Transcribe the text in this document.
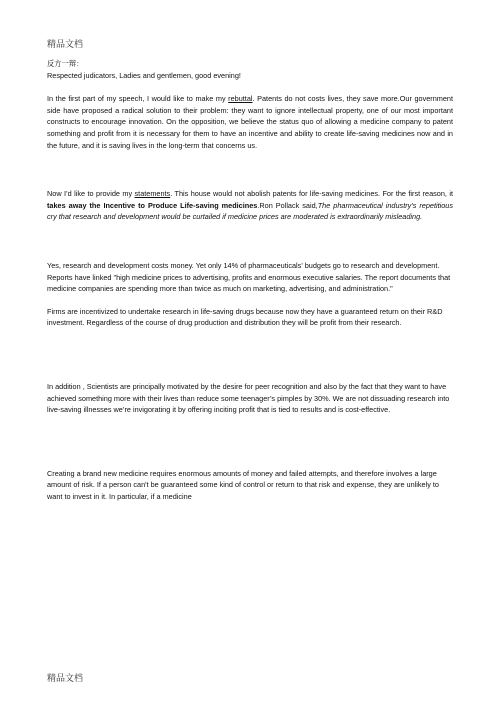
精品文档

反方一辩：

Respected judicators, Ladies and gentlemen, good evening!

In the first part of my speech, I would like to make my rebuttal. Patents do not costs lives, they save more.Our government side have proposed a radical solution to their problem: they want to ignore intellectual property, one of our most important constructs to encourage innovation. On the opposition, we believe the status quo of allowing a medicine company to patent something and profit from it is necessary for them to have an incentive and ability to create life-saving medicines now and in the future, and it is saving lives in the long-term that concerns us.

Now I’d like to provide my statements. This house would not abolish patents for life-saving medicines. For the first reason, it takes away the Incentive to Produce Life-saving medicines.Ron Pollack said,The pharmaceutical industry's repetitious cry that research and development would be curtailed if medicine prices are moderated is extraordinarily misleading.

Yes, research and development costs money. Yet only 14% of pharmaceuticals' budgets go to research and development. Reports have linked "high medicine prices to advertising, profits and enormous executive salaries. The report documents that medicine companies are spending more than twice as much on marketing, advertising, and administration."

Firms are incentivized to undertake research in life-saving drugs because now they have a guaranteed return on their R&D investment. Regardless of the course of drug production and distribution they will be profit from their research.

In addition , Scientists are principally motivated by the desire for peer recognition and also by the fact that they want to have achieved something more with their lives than reduce some teenager’s pimples by 30%. We are not dissuading research into live-saving illnesses we’re invigorating it by offering inciting profit that is tied to results and is cost-effective.

Creating a brand new medicine requires enormous amounts of money and failed attempts, and therefore involves a large amount of risk. If a person can't be guaranteed some kind of control or return to that risk and expense, they are unlikely to want to invest in it. In particular, if a medicine

精品文档
